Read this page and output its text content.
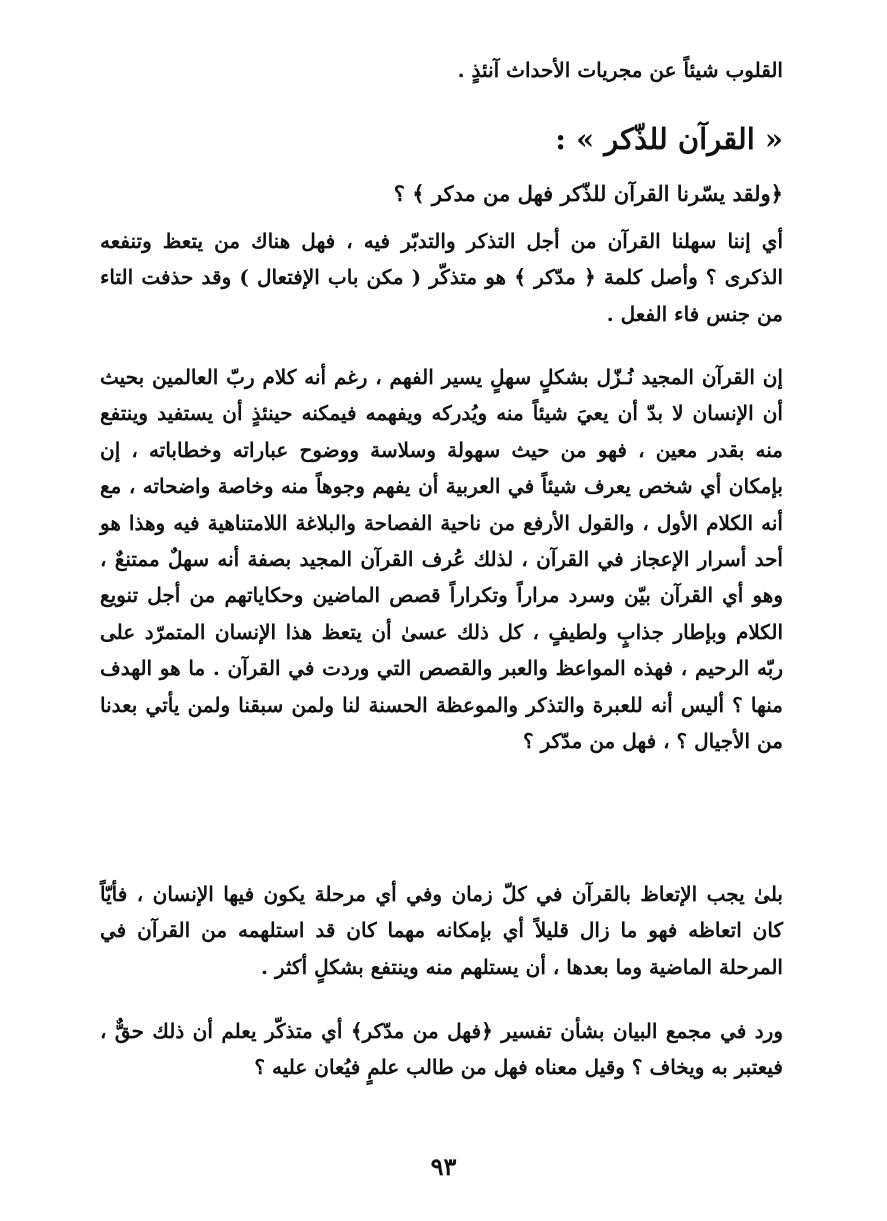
القلوب شيئاً عن مجريات الأحداث آنئذٍ .

« القرآن للذّكر » :

﴿ولقد يسّرنا القرآن للذّكر فهل من مدكر ﴾ ؟

أي إننا سهلنا القرآن من أجل التذكر والتدبّر فيه ، فهل هناك من يتعظ وتنفعه الذكرى ؟ وأصل كلمة ﴿ مدّكر ﴾ هو متذكّر ( مكن باب الإفتعال ) وقد حذفت التاء من جنس فاء الفعل .

إن القرآن المجيد نُـزّل بشكلٍ سهلٍ يسير الفهم ، رغم أنه كلام ربّ العالمين بحيث أن الإنسان لا بدّ أن يعيَ شيئاً منه ويُدركه ويفهمه فيمكنه حينئذٍ أن يستفيد وينتفع منه بقدر معين ، فهو من حيث سهولة وسلاسة ووضوح عباراته وخطاباته ، إن بإمكان أي شخص يعرف شيئاً في العربية أن يفهم وجوهاً منه وخاصة واضحاته ، مع أنه الكلام الأول ، والقول الأرفع من ناحية الفصاحة والبلاغة اللامتناهية فيه وهذا هو أحد أسرار الإعجاز في القرآن ، لذلك عُرف القرآن المجيد بصفة أنه سهلٌ ممتنعٌ ، وهو أي القرآن بيّن وسرد مراراً وتكراراً قصص الماضين وحكاياتهم من أجل تنويع الكلام وبإطار جذابٍ ولطيفٍ ، كل ذلك عسىٰ أن يتعظ هذا الإنسان المتمرّد على ربّه الرحيم ، فهذه المواعظ والعبر والقصص التي وردت في القرآن . ما هو الهدف منها ؟ أليس أنه للعبرة والتذكر والموعظة الحسنة لنا ولمن سبقنا ولمن يأتي بعدنا من الأجيال ؟ ، فهل من مدّكر ؟

بلىٰ يجب الإتعاظ بالقرآن في كلّ زمان وفي أي مرحلة يكون فيها الإنسان ، فأيّاً كان اتعاظه فهو ما زال قليلاً أي بإمكانه مهما كان قد استلهمه من القرآن في المرحلة الماضية وما بعدها ، أن يستلهم منه وينتفع بشكلٍ أكثر .

ورد في مجمع البيان بشأن تفسير ﴿فهل من مدّكر﴾ أي متذكّر يعلم أن ذلك حقٌّ ، فيعتبر به ويخاف ؟ وقيل معناه فهل من طالب علمٍ فيُعان عليه ؟

٩٣
